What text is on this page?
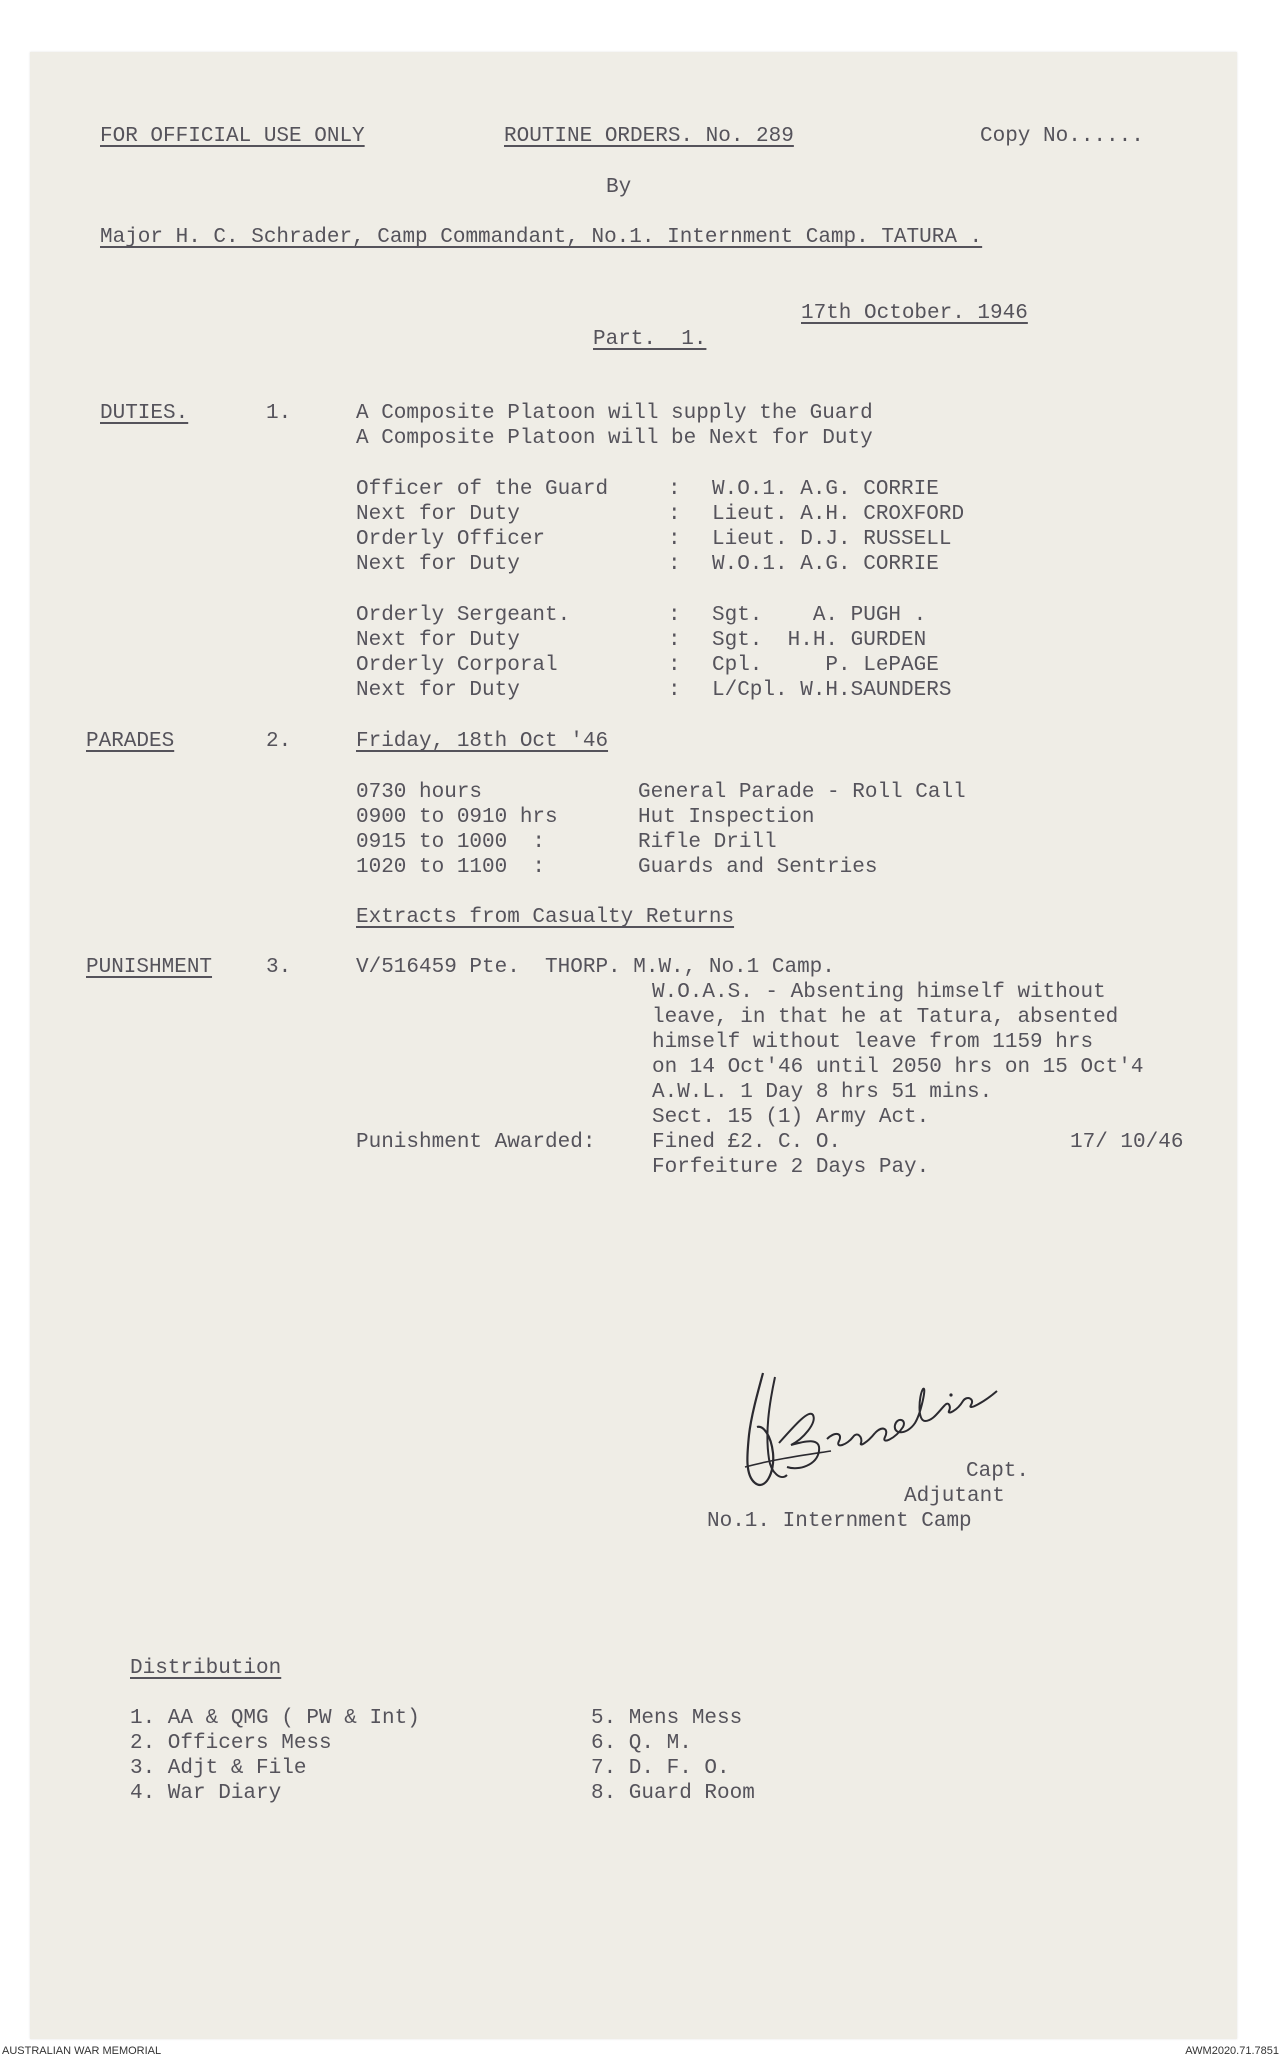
FOR OFFICIAL USE ONLY	ROUTINE ORDERS. No. 289	Copy No......
By
Major H. C. Schrader, Camp Commandant, No.1. Internment Camp. TATURA .
17th October. 1946
Part.  1.
DUTIES.	1.	A Composite Platoon will supply the Guard
A Composite Platoon will be Next for Duty
Officer of the Guard	: W.O.1. A.G. CORRIE
Next for Duty	: Lieut. A.H. CROXFORD
Orderly Officer	: Lieut. D.J. RUSSELL
Next for Duty	: W.O.1. A.G. CORRIE
Orderly Sergeant.	: Sgt.    A. PUGH .
Next for Duty	: Sgt.  H.H. GURDEN
Orderly Corporal	: Cpl.     P. LePAGE
Next for Duty	: L/Cpl. W.H.SAUNDERS
PARADES	2.	Friday, 18th Oct '46
0730 hours	General Parade - Roll Call
0900 to 0910 hrs	Hut Inspection
0915 to 1000  :	Rifle Drill
1020 to 1100  :	Guards and Sentries
Extracts from Casualty Returns
PUNISHMENT	3.	V/516459 Pte.  THORP. M.W., No.1 Camp.
W.O.A.S. - Absenting himself without
leave, in that he at Tatura, absented
himself without leave from 1159 hrs
on 14 Oct'46 until 2050 hrs on 15 Oct'4
A.W.L. 1 Day 8 hrs 51 mins.
Sect. 15 (1) Army Act.
Punishment Awarded:	Fined £2. C. O.	17/ 10/46
Forfeiture 2 Days Pay.
Capt.
Adjutant
No.1. Internment Camp
Distribution
1. AA & QMG ( PW & Int)
2. Officers Mess
3. Adjt & File
4. War Diary
5. Mens Mess
6. Q. M.
7. D. F. O.
8. Guard Room
AUSTRALIAN WAR MEMORIAL	AWM2020.71.7851
